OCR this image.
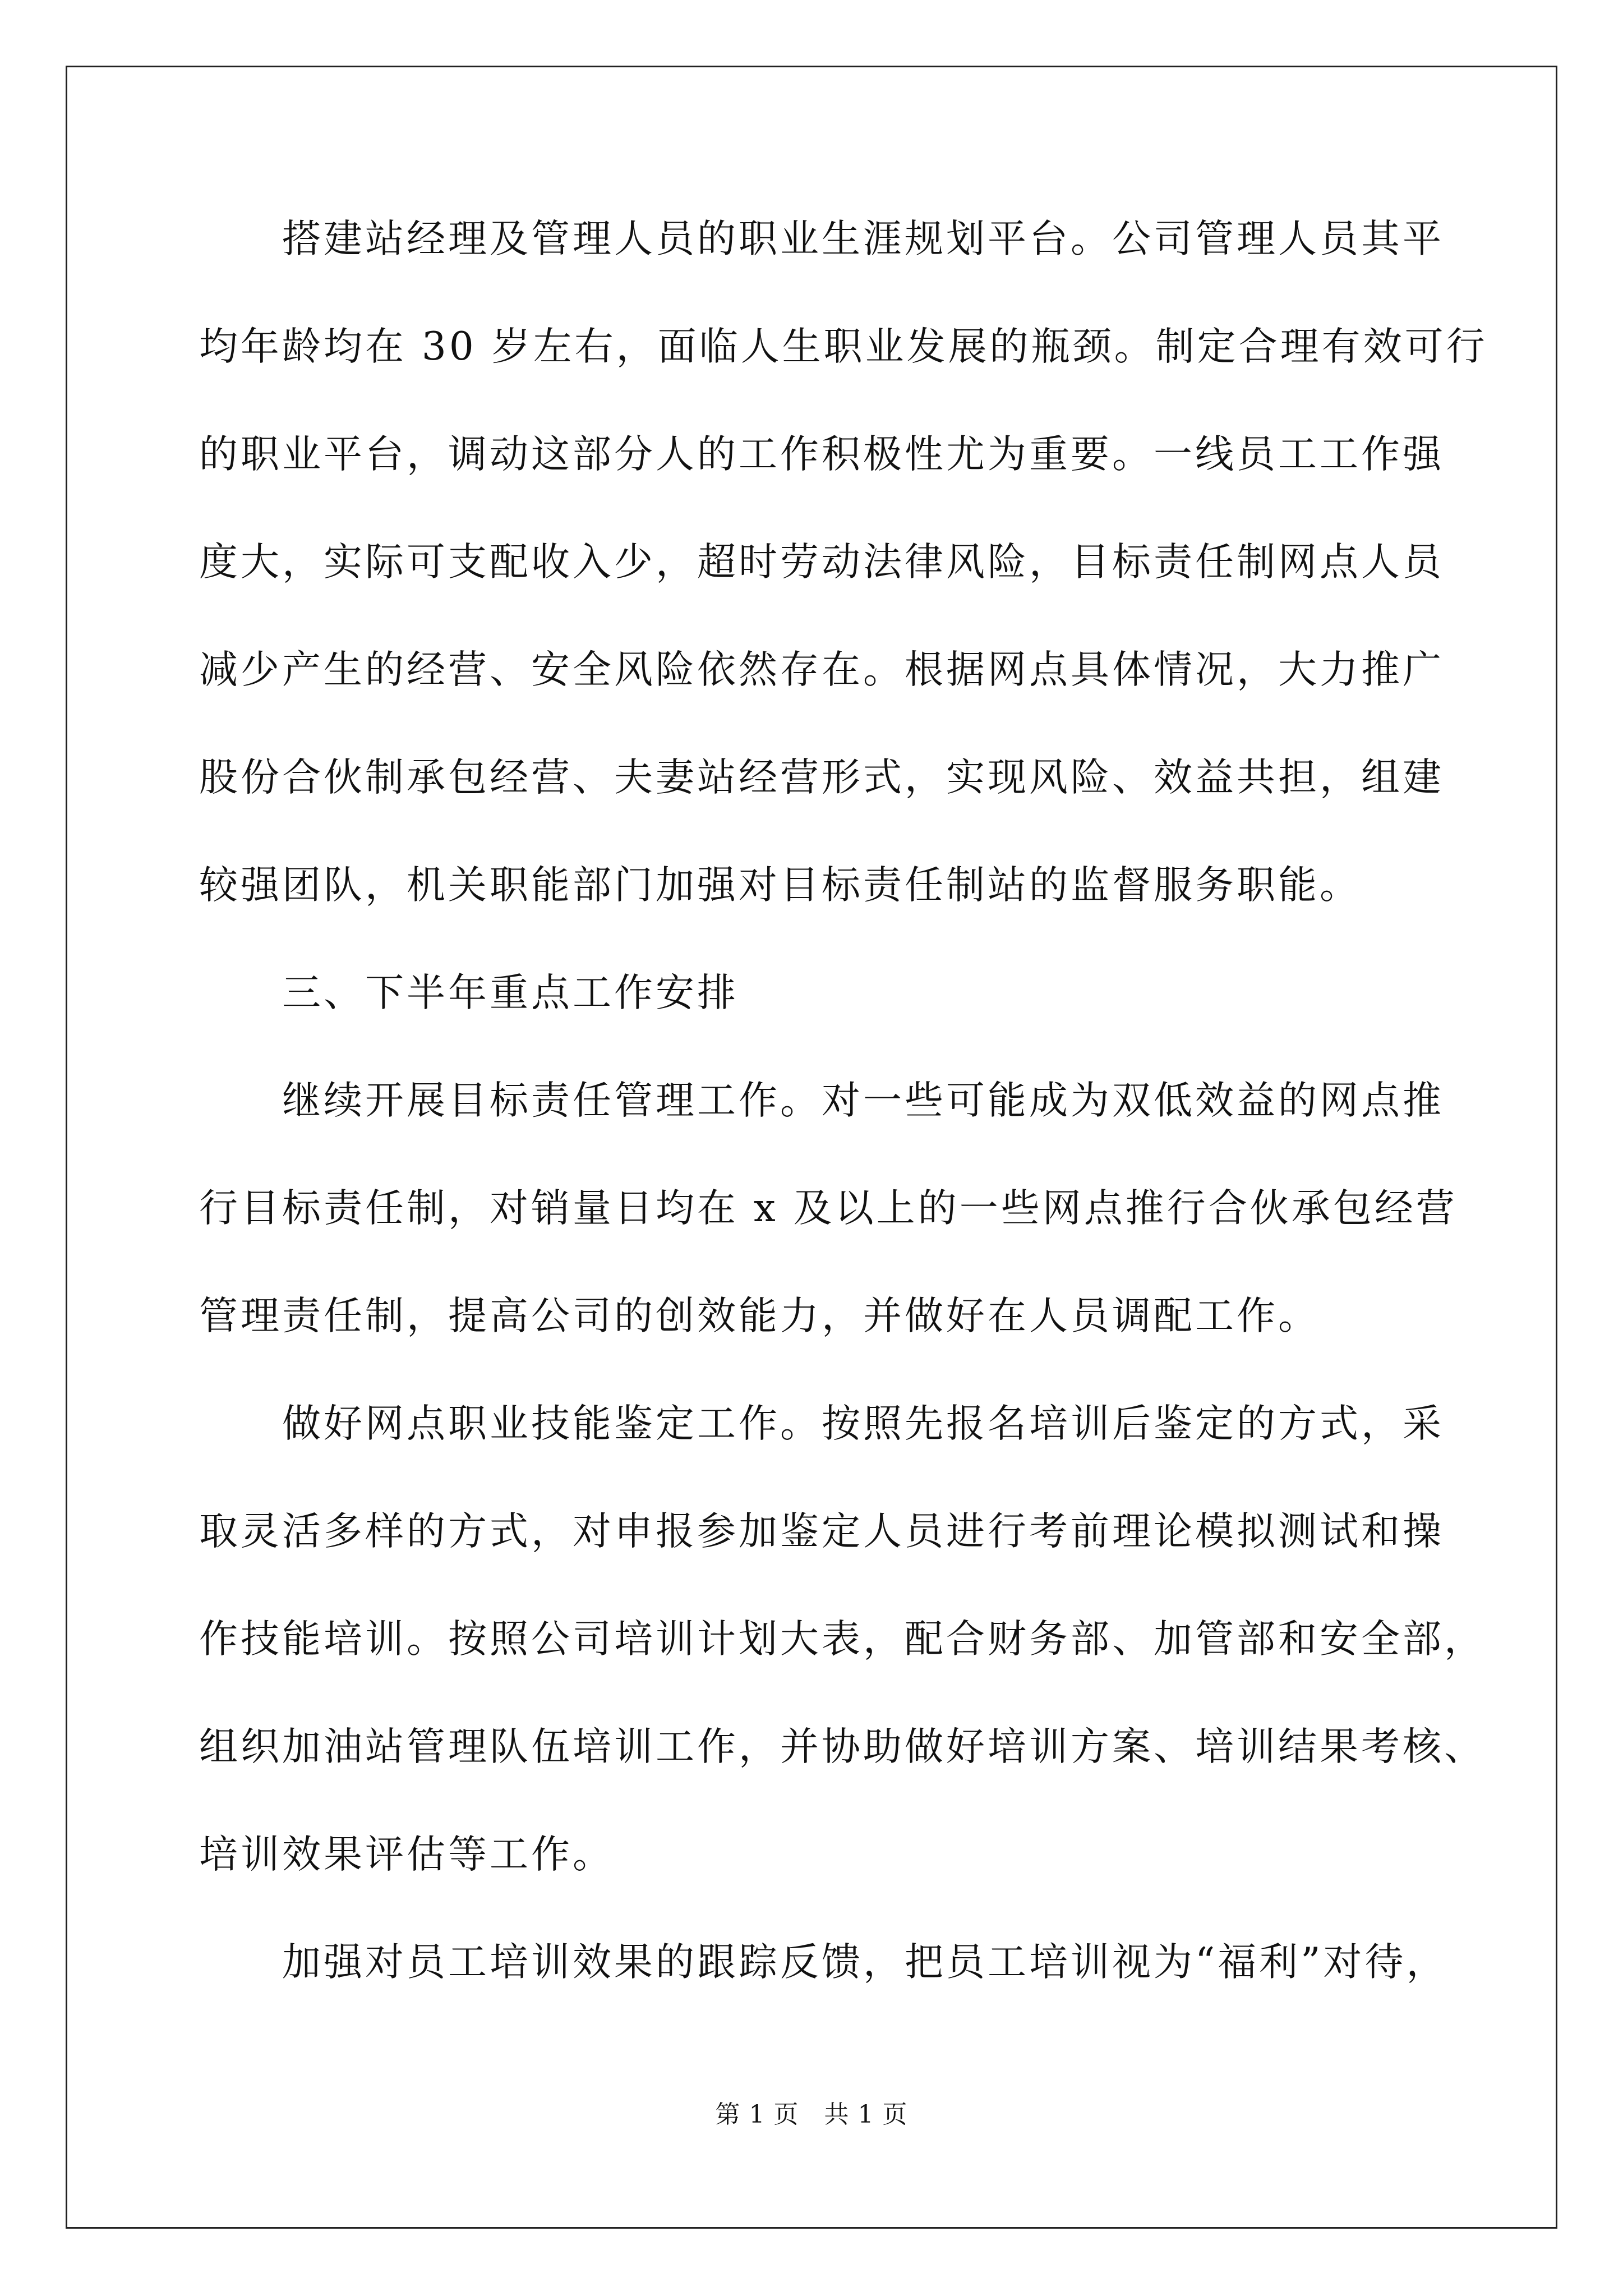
搭建站经理及管理人员的职业生涯规划平台。公司管理人员其平
均年龄均在 30 岁左右，面临人生职业发展的瓶颈。制定合理有效可行
的职业平台，调动这部分人的工作积极性尤为重要。一线员工工作强
度大，实际可支配收入少，超时劳动法律风险，目标责任制网点人员
减少产生的经营、安全风险依然存在。根据网点具体情况，大力推广
股份合伙制承包经营、夫妻站经营形式，实现风险、效益共担，组建
较强团队，机关职能部门加强对目标责任制站的监督服务职能。
三、下半年重点工作安排
继续开展目标责任管理工作。对一些可能成为双低效益的网点推
行目标责任制，对销量日均在 x 及以上的一些网点推行合伙承包经营
管理责任制，提高公司的创效能力，并做好在人员调配工作。
做好网点职业技能鉴定工作。按照先报名培训后鉴定的方式，采
取灵活多样的方式，对申报参加鉴定人员进行考前理论模拟测试和操
作技能培训。按照公司培训计划大表，配合财务部、加管部和安全部，
组织加油站管理队伍培训工作，并协助做好培训方案、培训结果考核、
培训效果评估等工作。
加强对员工培训效果的跟踪反馈，把员工培训视为“福利”对待，
第 1 页 共 1 页
